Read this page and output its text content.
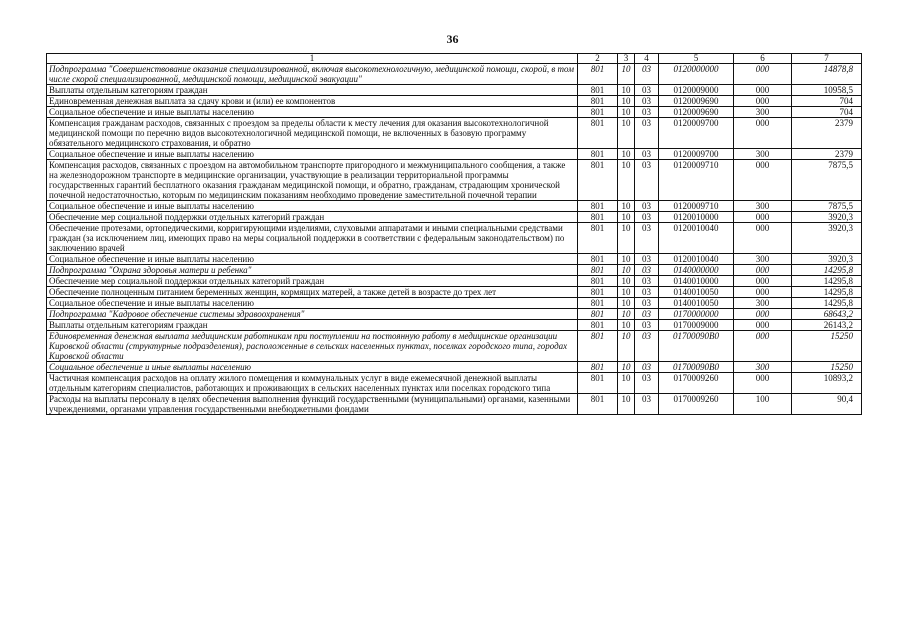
36
1	2	3	4	5	6	7
Подпрограмма "Совершенствование оказания специализированной, включая высокотехнологичную, медицинской помощи, скорой, в том числе скорой специализированной, медицинской помощи, медицинской эвакуации"	801	10	03	0120000000	000	14878,8
Выплаты отдельным категориям граждан	801	10	03	0120009000	000	10958,5
Единовременная денежная выплата за сдачу крови и (или) ее компонентов	801	10	03	0120009690	000	704
Социальное обеспечение и иные выплаты населению	801	10	03	0120009690	300	704
Компенсация гражданам расходов, связанных с проездом за пределы области к месту лечения для оказания высокотехнологичной медицинской помощи по перечню видов высокотехнологичной медицинской помощи, не включенных в базовую программу обязательного медицинского страхования, и обратно	801	10	03	0120009700	000	2379
Социальное обеспечение и иные выплаты населению	801	10	03	0120009700	300	2379
Компенсация расходов, связанных с проездом на автомобильном транспорте пригородного и межмуниципального сообщения, а также на железнодорожном транспорте в медицинские организации, участвующие в реализации территориальной программы государственных гарантий бесплатного оказания гражданам медицинской помощи, и обратно, гражданам, страдающим хронической почечной недостаточностью, которым по медицинским показаниям необходимо проведение заместительной почечной терапии	801	10	03	0120009710	000	7875,5
Социальное обеспечение и иные выплаты населению	801	10	03	0120009710	300	7875,5
Обеспечение мер социальной поддержки отдельных категорий граждан	801	10	03	0120010000	000	3920,3
Обеспечение протезами, ортопедическими, корригирующими изделиями, слуховыми аппаратами и иными специальными средствами граждан (за исключением лиц, имеющих право на меры социальной поддержки в соответствии с федеральным законодательством) по заключению врачей	801	10	03	0120010040	000	3920,3
Социальное обеспечение и иные выплаты населению	801	10	03	0120010040	300	3920,3
Подпрограмма "Охрана здоровья матери и ребенка"	801	10	03	0140000000	000	14295,8
Обеспечение мер социальной поддержки отдельных категорий граждан	801	10	03	0140010000	000	14295,8
Обеспечение полноценным питанием беременных женщин, кормящих матерей, а также детей в возрасте до трех лет	801	10	03	0140010050	000	14295,8
Социальное обеспечение и иные выплаты населению	801	10	03	0140010050	300	14295,8
Подпрограмма "Кадровое обеспечение системы здравоохранения"	801	10	03	0170000000	000	68643,2
Выплаты отдельным категориям граждан	801	10	03	0170009000	000	26143,2
Единовременная денежная выплата медицинским работникам при поступлении на постоянную работу в медицинские организации Кировской области (структурные подразделения), расположенные в сельских населенных пунктах, поселках городского типа, городах Кировской области	801	10	03	01700090В0	000	15250
Социальное обеспечение и иные выплаты населению	801	10	03	01700090В0	300	15250
Частичная компенсация расходов на оплату жилого помещения и коммунальных услуг в виде ежемесячной денежной выплаты отдельным категориям специалистов, работающих и проживающих в сельских населенных пунктах или поселках городского типа	801	10	03	0170009260	000	10893,2
Расходы на выплаты персоналу в целях обеспечения выполнения функций государственными (муниципальными) органами, казенными учреждениями, органами управления государственными внебюджетными фондами	801	10	03	0170009260	100	90,4
